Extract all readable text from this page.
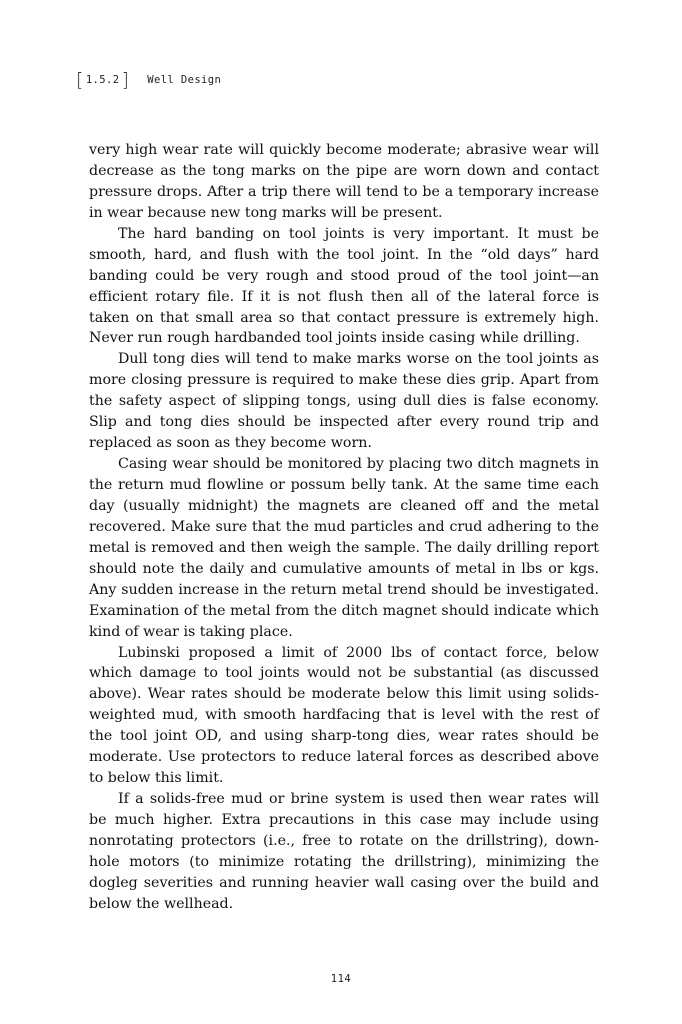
[ 1.5.2 ] Well Design

very high wear rate will quickly become moderate; abrasive wear will decrease as the tong marks on the pipe are worn down and contact pressure drops. After a trip there will tend to be a temporary increase in wear because new tong marks will be present.

The hard banding on tool joints is very important. It must be smooth, hard, and flush with the tool joint. In the “old days” hard banding could be very rough and stood proud of the tool joint—an efficient rotary file. If it is not flush then all of the lateral force is taken on that small area so that contact pressure is extremely high. Never run rough hardbanded tool joints inside casing while drilling.

Dull tong dies will tend to make marks worse on the tool joints as more closing pressure is required to make these dies grip. Apart from the safety aspect of slipping tongs, using dull dies is false economy. Slip and tong dies should be inspected after every round trip and replaced as soon as they become worn.

Casing wear should be monitored by placing two ditch magnets in the return mud flowline or possum belly tank. At the same time each day (usually midnight) the magnets are cleaned off and the metal recovered. Make sure that the mud particles and crud adhering to the metal is removed and then weigh the sample. The daily drilling report should note the daily and cumulative amounts of metal in lbs or kgs. Any sudden increase in the return metal trend should be investigated. Examination of the metal from the ditch magnet should indicate which kind of wear is taking place.

Lubinski proposed a limit of 2000 lbs of contact force, below which damage to tool joints would not be substantial (as discussed above). Wear rates should be moderate below this limit using solids-weighted mud, with smooth hardfacing that is level with the rest of the tool joint OD, and using sharp-tong dies, wear rates should be moderate. Use protectors to reduce lateral forces as described above to below this limit.

If a solids-free mud or brine system is used then wear rates will be much higher. Extra precautions in this case may include using nonrotating protectors (i.e., free to rotate on the drillstring), down-hole motors (to minimize rotating the drillstring), minimizing the dogleg severities and running heavier wall casing over the build and below the wellhead.

114
